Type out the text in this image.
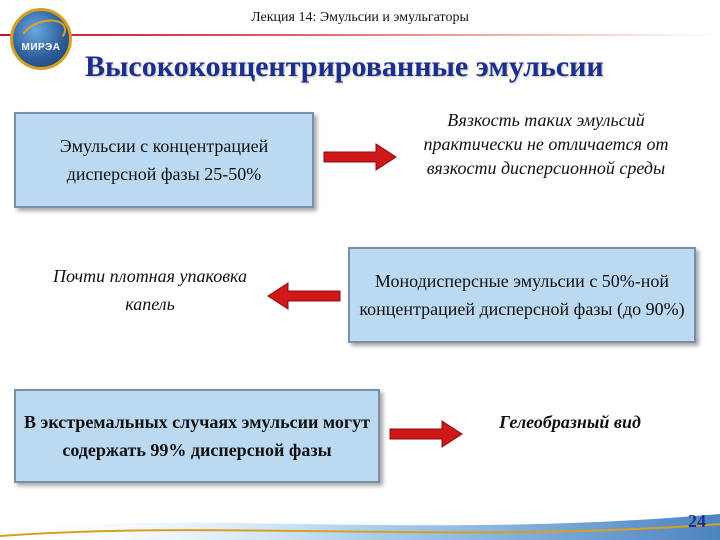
МИРЭА
Лекция 14: Эмульсии и эмульгаторы
Высококонцентрированные эмульсии
Эмульсии с концентрацией дисперсной фазы 25-50%
Вязкость таких эмульсий практически не отличается от вязкости дисперсионной среды
Почти плотная упаковка капель
Монодисперсные эмульсии с 50%-ной концентрацией дисперсной фазы (до 90%)
В экстремальных случаях эмульсии могут содержать 99% дисперсной фазы
Гелеобразный вид
24
